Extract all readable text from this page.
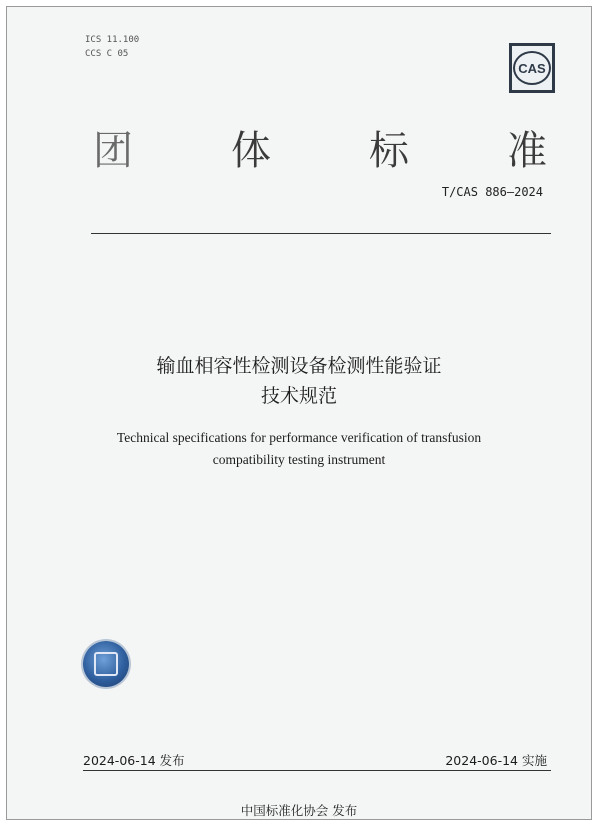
ICS 11.100
CCS C 05
CAS
团 体 标 准
T/CAS 886—2024
输血相容性检测设备检测性能验证
技术规范
Technical specifications for performance verification of transfusion
compatibility testing instrument
2024-06-14 发布	2024-06-14 实施
中国标准化协会 发布
